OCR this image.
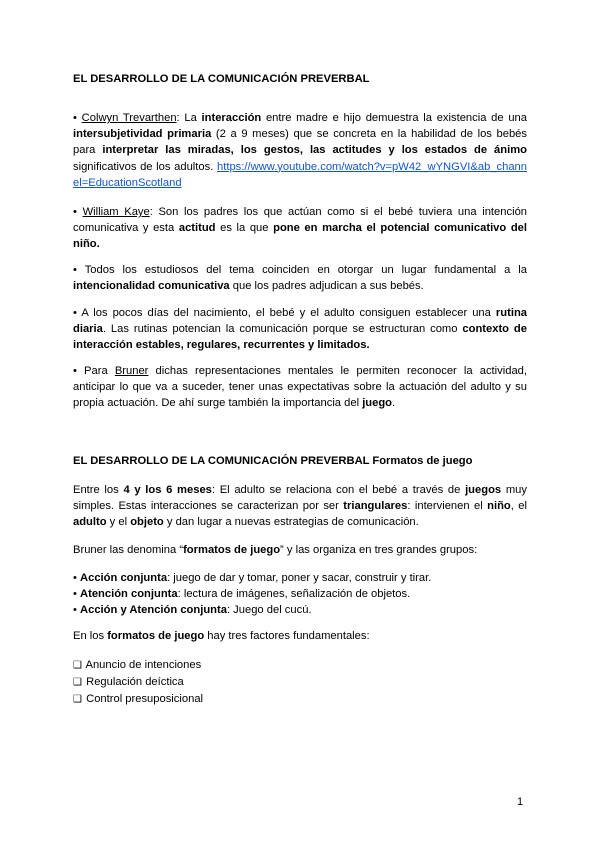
EL DESARROLLO DE LA COMUNICACIÓN PREVERBAL
• Colwyn Trevarthen: La interacción entre madre e hijo demuestra la existencia de una intersubjetividad primaria (2 a 9 meses) que se concreta en la habilidad de los bebés para interpretar las miradas, los gestos, las actitudes y los estados de ánimo significativos de los adultos. https://www.youtube.com/watch?v=pW42_wYNGVI&ab_channel=EducationScotland
• William Kaye: Son los padres los que actúan como si el bebé tuviera una intención comunicativa y esta actitud es la que pone en marcha el potencial comunicativo del niño.
• Todos los estudiosos del tema coinciden en otorgar un lugar fundamental a la intencionalidad comunicativa que los padres adjudican a sus bebés.
• A los pocos días del nacimiento, el bebé y el adulto consiguen establecer una rutina diaria. Las rutinas potencian la comunicación porque se estructuran como contexto de interacción estables, regulares, recurrentes y limitados.
• Para Bruner dichas representaciones mentales le permiten reconocer la actividad, anticipar lo que va a suceder, tener unas expectativas sobre la actuación del adulto y su propia actuación. De ahí surge también la importancia del juego.
EL DESARROLLO DE LA COMUNICACIÓN PREVERBAL Formatos de juego
Entre los 4 y los 6 meses: El adulto se relaciona con el bebé a través de juegos muy simples. Estas interacciones se caracterizan por ser triangulares: intervienen el niño, el adulto y el objeto y dan lugar a nuevas estrategias de comunicación.
Bruner las denomina “formatos de juego” y las organiza en tres grandes grupos:
• Acción conjunta: juego de dar y tomar, poner y sacar, construir y tirar.
• Atención conjunta: lectura de imágenes, señalización de objetos.
• Acción y Atención conjunta: Juego del cucú.
En los formatos de juego hay tres factores fundamentales:
❑ Anuncio de intenciones
❑ Regulación deíctica
❑ Control presuposicional
1
